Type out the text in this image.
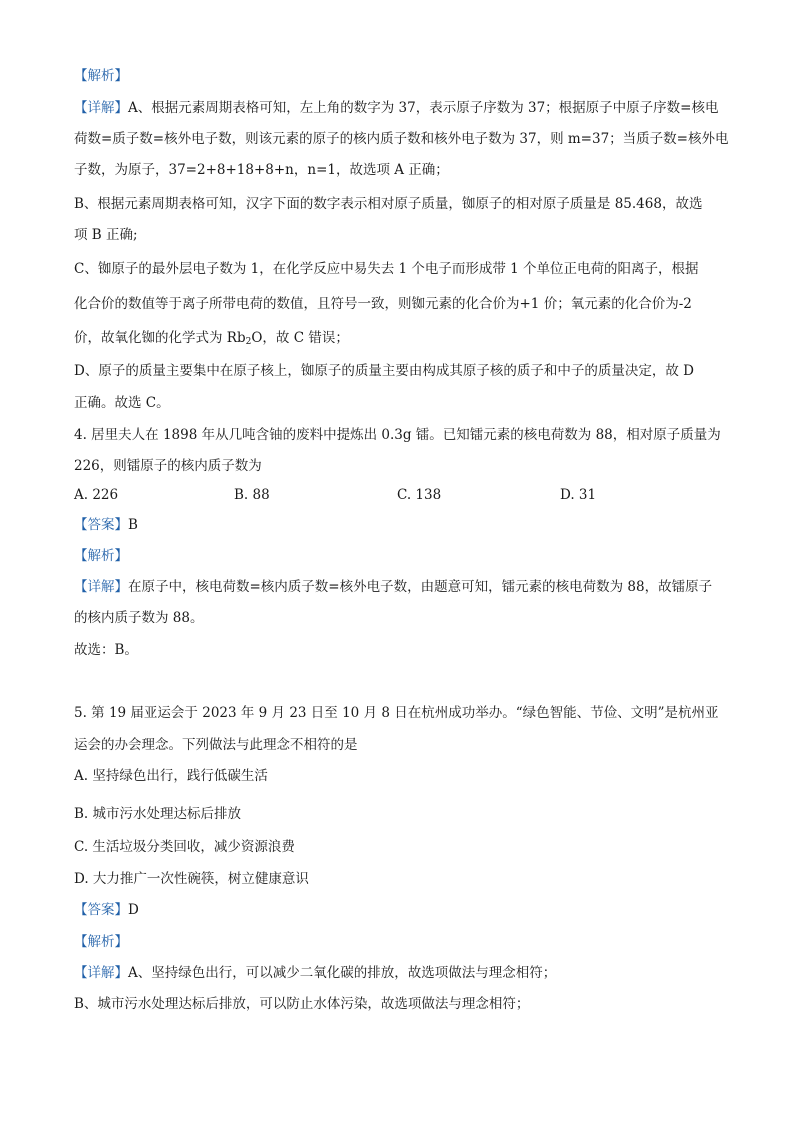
【解析】
【详解】A、根据元素周期表格可知，左上角的数字为 37，表示原子序数为 37；根据原子中原子序数=核电
荷数=质子数=核外电子数，则该元素的原子的核内质子数和核外电子数为 37，则 m=37；当质子数=核外电
子数，为原子，37=2+8+18+8+n，n=1，故选项 A 正确；
B、根据元素周期表格可知，汉字下面的数字表示相对原子质量，铷原子的相对原子质量是 85.468，故选
项 B 正确;
C、铷原子的最外层电子数为 1，在化学反应中易失去 1 个电子而形成带 1 个单位正电荷的阳离子，根据
化合价的数值等于离子所带电荷的数值，且符号一致，则铷元素的化合价为+1 价；氧元素的化合价为-2
价，故氧化铷的化学式为 $Rb_2O$，故 C 错误；
D、原子的质量主要集中在原子核上，铷原子的质量主要由构成其原子核的质子和中子的质量决定，故 D
正确。故选 C。
4. 居里夫人在 1898 年从几吨含铀的废料中提炼出 0.3g 镭。已知镭元素的核电荷数为 88，相对原子质量为
226，则镭原子的核内质子数为
A. 226	B. 88	C. 138	D. 31
【答案】B
【解析】
【详解】在原子中，核电荷数=核内质子数=核外电子数，由题意可知，镭元素的核电荷数为 88，故镭原子
的核内质子数为 88。
故选：B。
5. 第 19 届亚运会于 2023 年 9 月 23 日至 10 月 8 日在杭州成功举办。“绿色智能、节俭、文明”是杭州亚
运会的办会理念。下列做法与此理念不相符的是
A. 坚持绿色出行，践行低碳生活
B. 城市污水处理达标后排放
C. 生活垃圾分类回收，减少资源浪费
D. 大力推广一次性碗筷，树立健康意识
【答案】D
【解析】
【详解】A、坚持绿色出行，可以减少二氧化碳的排放，故选项做法与理念相符；
B、城市污水处理达标后排放，可以防止水体污染，故选项做法与理念相符；
